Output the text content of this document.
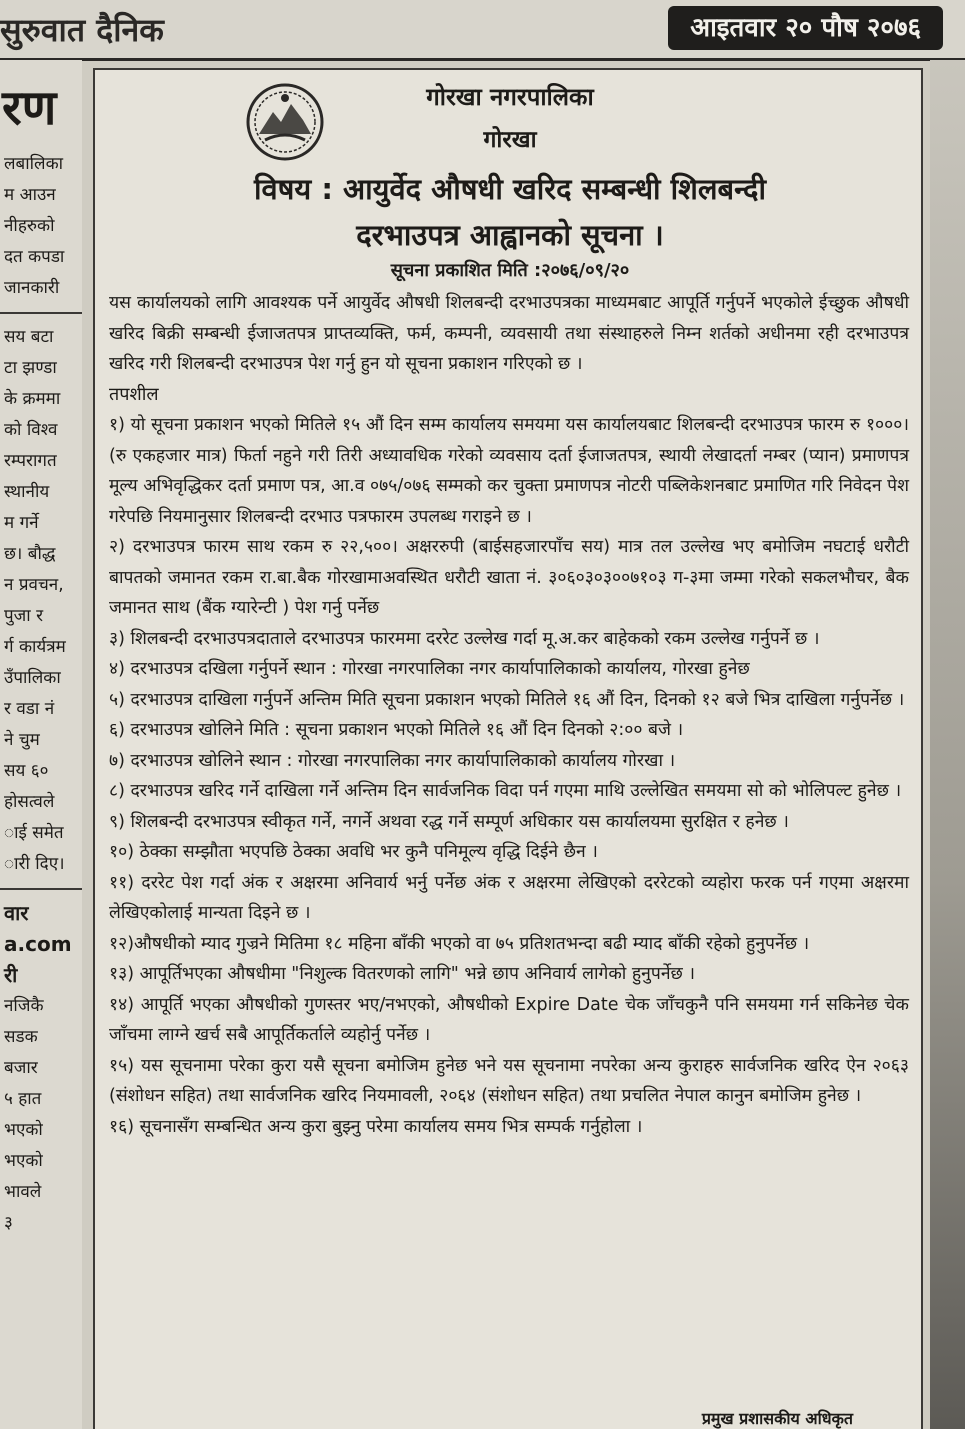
सुरुवात दैनिक	आइतवार २० पौष २०७६
रण
लबालिका
म आउन
नीहरुको
दत कपडा
जानकारी
सय बटा
टा झण्डा
के क्रममा
को विश्व
रम्परागत
स्थानीय
म गर्ने
छ। बौद्ध
न प्रवचन,
पुजा र
र्ग कार्यत्रम
उँपालिका
र वडा नं
ने चुम
सय ६०
होसत्वले
ाई समेत
ारी दिए।
वार
a.com
री
नजिकै
सडक
बजार
५ हात
भएको
भएको
भावले
३
गोरखा नगरपालिका
गोरखा
विषय : आयुर्वेद औषधी खरिद सम्बन्धी शिलबन्दी
दरभाउपत्र आह्वानको सूचना ।
सूचना प्रकाशित मिति :२०७६/०९/२०

यस कार्यालयको लागि आवश्यक पर्ने आयुर्वेद औषधी शिलबन्दी दरभाउपत्रका माध्यमबाट आपूर्ति गर्नुपर्ने भएकोले ईच्छुक औषधी खरिद बिक्री सम्बन्धी ईजाजतपत्र प्राप्तव्यक्ति, फर्म, कम्पनी, व्यवसायी तथा संस्थाहरुले निम्न शर्तको अधीनमा रही दरभाउपत्र खरिद गरी शिलबन्दी दरभाउपत्र पेश गर्नु हुन यो सूचना प्रकाशन गरिएको छ ।

तपशील

१) यो सूचना प्रकाशन भएको मितिले १५ औं दिन सम्म कार्यालय समयमा यस कार्यालयबाट शिलबन्दी दरभाउपत्र फारम रु १०००। (रु एकहजार मात्र) फिर्ता नहुने गरी तिरी अध्यावधिक गरेको व्यवसाय दर्ता ईजाजतपत्र, स्थायी लेखादर्ता नम्बर (प्यान) प्रमाणपत्र मूल्य अभिवृद्धिकर दर्ता प्रमाण पत्र, आ.व ०७५/०७६ सम्मको कर चुक्ता प्रमाणपत्र नोटरी पब्लिकेशनबाट प्रमाणित गरि निवेदन पेश गरेपछि नियमानुसार शिलबन्दी दरभाउ पत्रफारम उपलब्ध गराइने छ ।

२) दरभाउपत्र फारम साथ रकम रु २२,५००। अक्षररुपी (बाईसहजारपाँच सय) मात्र तल उल्लेख भए बमोजिम नघटाई धरौटी बापतको जमानत रकम रा.बा.बैक गोरखामाअवस्थित धरौटी खाता नं. ३०६०३०३००७१०३ ग-३मा जम्मा गरेको सकलभौचर, बैक जमानत साथ (बैंक ग्यारेन्टी ) पेश गर्नु पर्नेछ

३) शिलबन्दी दरभाउपत्रदाताले दरभाउपत्र फारममा दररेट उल्लेख गर्दा मू.अ.कर बाहेकको रकम उल्लेख गर्नुपर्ने छ ।

४) दरभाउपत्र दखिला गर्नुपर्ने स्थान : गोरखा नगरपालिका नगर कार्यापालिकाको कार्यालय, गोरखा हुनेछ

५) दरभाउपत्र दाखिला गर्नुपर्ने अन्तिम मिति सूचना प्रकाशन भएको मितिले १६ औं दिन, दिनको १२ बजे भित्र दाखिला गर्नुपर्नेछ ।

६) दरभाउपत्र खोलिने मिति : सूचना प्रकाशन भएको मितिले १६ औं दिन दिनको २:०० बजे ।

७) दरभाउपत्र खोलिने स्थान : गोरखा नगरपालिका नगर कार्यापालिकाको कार्यालय गोरखा ।

८) दरभाउपत्र खरिद गर्ने दाखिला गर्ने अन्तिम दिन सार्वजनिक विदा पर्न गएमा माथि उल्लेखित समयमा सो को भोलिपल्ट हुनेछ ।

९) शिलबन्दी दरभाउपत्र स्वीकृत गर्ने, नगर्ने अथवा रद्ध गर्ने सम्पूर्ण अधिकार यस कार्यालयमा सुरक्षित र हनेछ ।

१०) ठेक्का सम्झौता भएपछि ठेक्का अवधि भर कुनै पनिमूल्य वृद्धि दिईने छैन ।

११) दररेट पेश गर्दा अंक र अक्षरमा अनिवार्य भर्नु पर्नेछ अंक र अक्षरमा लेखिएको दररेटको व्यहोरा फरक पर्न गएमा अक्षरमा लेखिएकोलाई मान्यता दिइने छ ।

१२)औषधीको म्याद गुज्रने मितिमा १८ महिना बाँकी भएको वा ७५ प्रतिशतभन्दा बढी म्याद बाँकी रहेको हुनुपर्नेछ ।

१३) आपूर्तिभएका औषधीमा "निशुल्क वितरणको लागि" भन्ने छाप अनिवार्य लागेको हुनुपर्नेछ ।

१४) आपूर्ति भएका औषधीको गुणस्तर भए/नभएको, औषधीको Expire Date चेक जाँचकुनै पनि समयमा गर्न सकिनेछ चेक जाँचमा लाग्ने खर्च सबै आपूर्तिकर्ताले व्यहोर्नु पर्नेछ ।

१५) यस सूचनामा परेका कुरा यसै सूचना बमोजिम हुनेछ भने यस सूचनामा नपरेका अन्य कुराहरु सार्वजनिक खरिद ऐन २०६३ (संशोधन सहित) तथा सार्वजनिक खरिद नियमावली, २०६४ (संशोधन सहित) तथा प्रचलित नेपाल कानुन बमोजिम हुनेछ ।

१६) सूचनासँग सम्बन्धित अन्य कुरा बुझ्नु परेमा कार्यालय समय भित्र सम्पर्क गर्नुहोला ।

प्रमुख प्रशासकीय अधिकृत
